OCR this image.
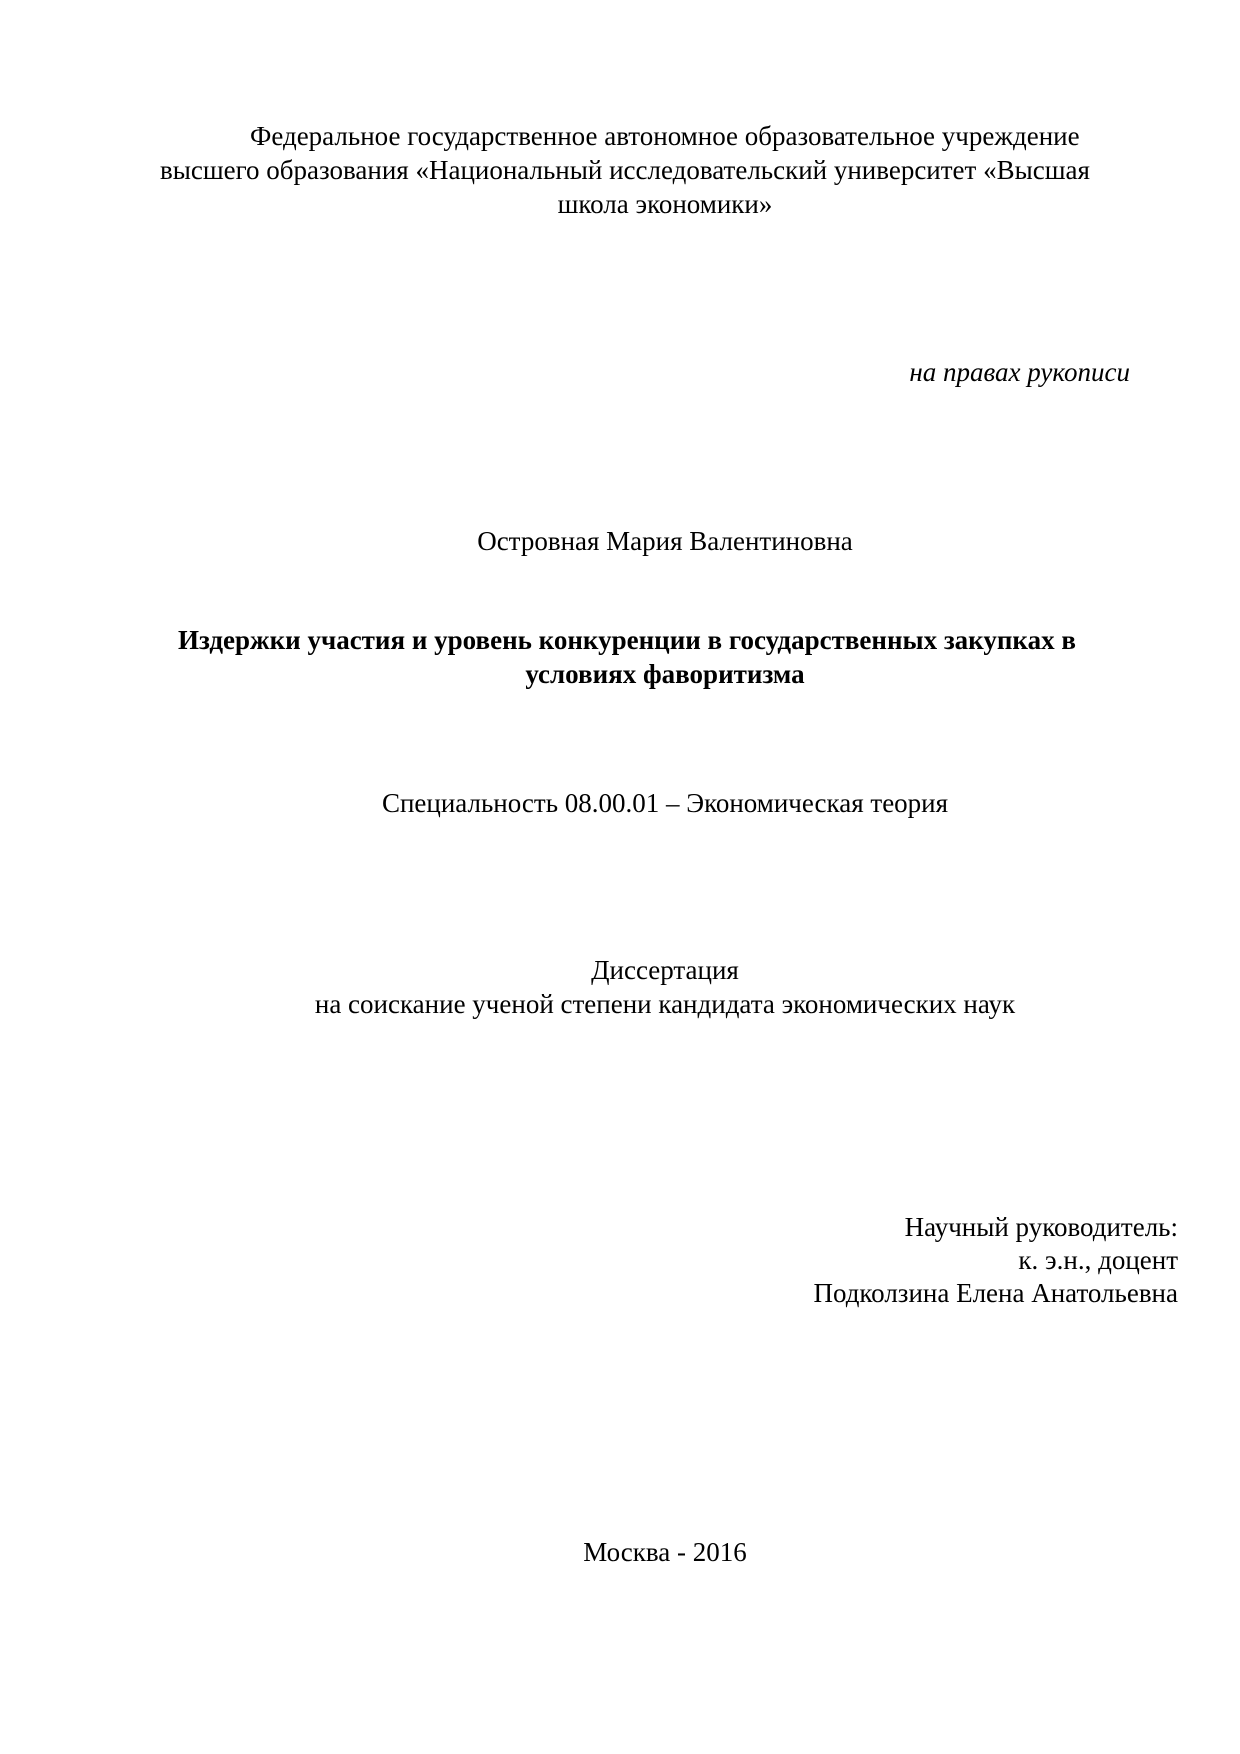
Федеральное государственное автономное образовательное учреждение
высшего образования «Национальный исследовательский университет «Высшая
школа экономики»
на правах рукописи
Островная Мария Валентиновна
Издержки участия и уровень конкуренции в государственных закупках в
условиях фаворитизма
Специальность 08.00.01 – Экономическая теория
Диссертация
на соискание ученой степени кандидата экономических наук
Научный руководитель:
к. э.н., доцент
Подколзина Елена Анатольевна
Москва - 2016
